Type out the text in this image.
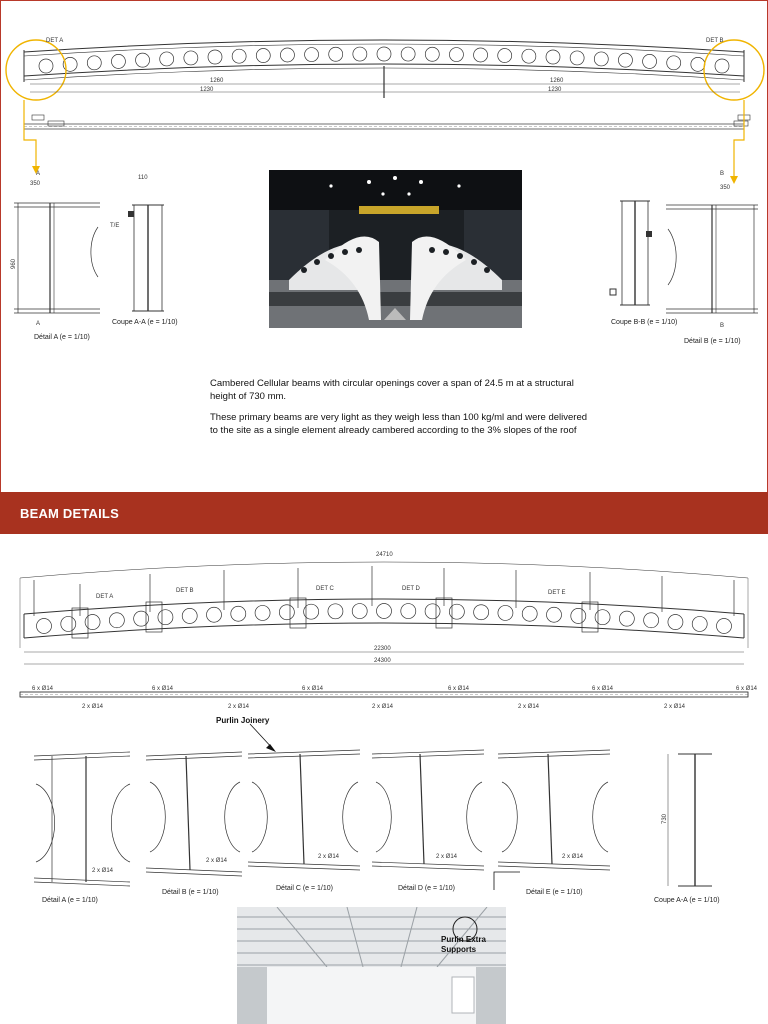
DET A	DET B
1260	1260
1230	1230
350
960
A
A
T/E
110
Détail A (e = 1/10)
Coupe A-A (e = 1/10)
350
B
B
Coupe B-B (e = 1/10)
Détail B (e = 1/10)

Cambered Cellular beams with circular openings cover a span of 24.5 m at a structural height of 730 mm.

These primary beams are very light as they weigh less than 100 kg/ml and were delivered to the site as a single element already cambered according to the 3% slopes of the roof

BEAM DETAILS
DET A
DET B	DET C	DET D
DET E
24710
22300
24300
6 x Ø14
2 x Ø14
6 x Ø14
2 x Ø14
6 x Ø14
2 x Ø14
6 x Ø14
2 x Ø14
6 x Ø14
2 x Ø14
6 x Ø14
730
2 x Ø14
2 x Ø14
2 x Ø14	2 x Ø14	2 x Ø14
Purlin Joinery
Détail A (e = 1/10)
Détail B (e = 1/10)
Détail C (e = 1/10)	Détail D (e = 1/10)
Détail E (e = 1/10)
Coupe A-A (e = 1/10)
Purlin Extra Supports
